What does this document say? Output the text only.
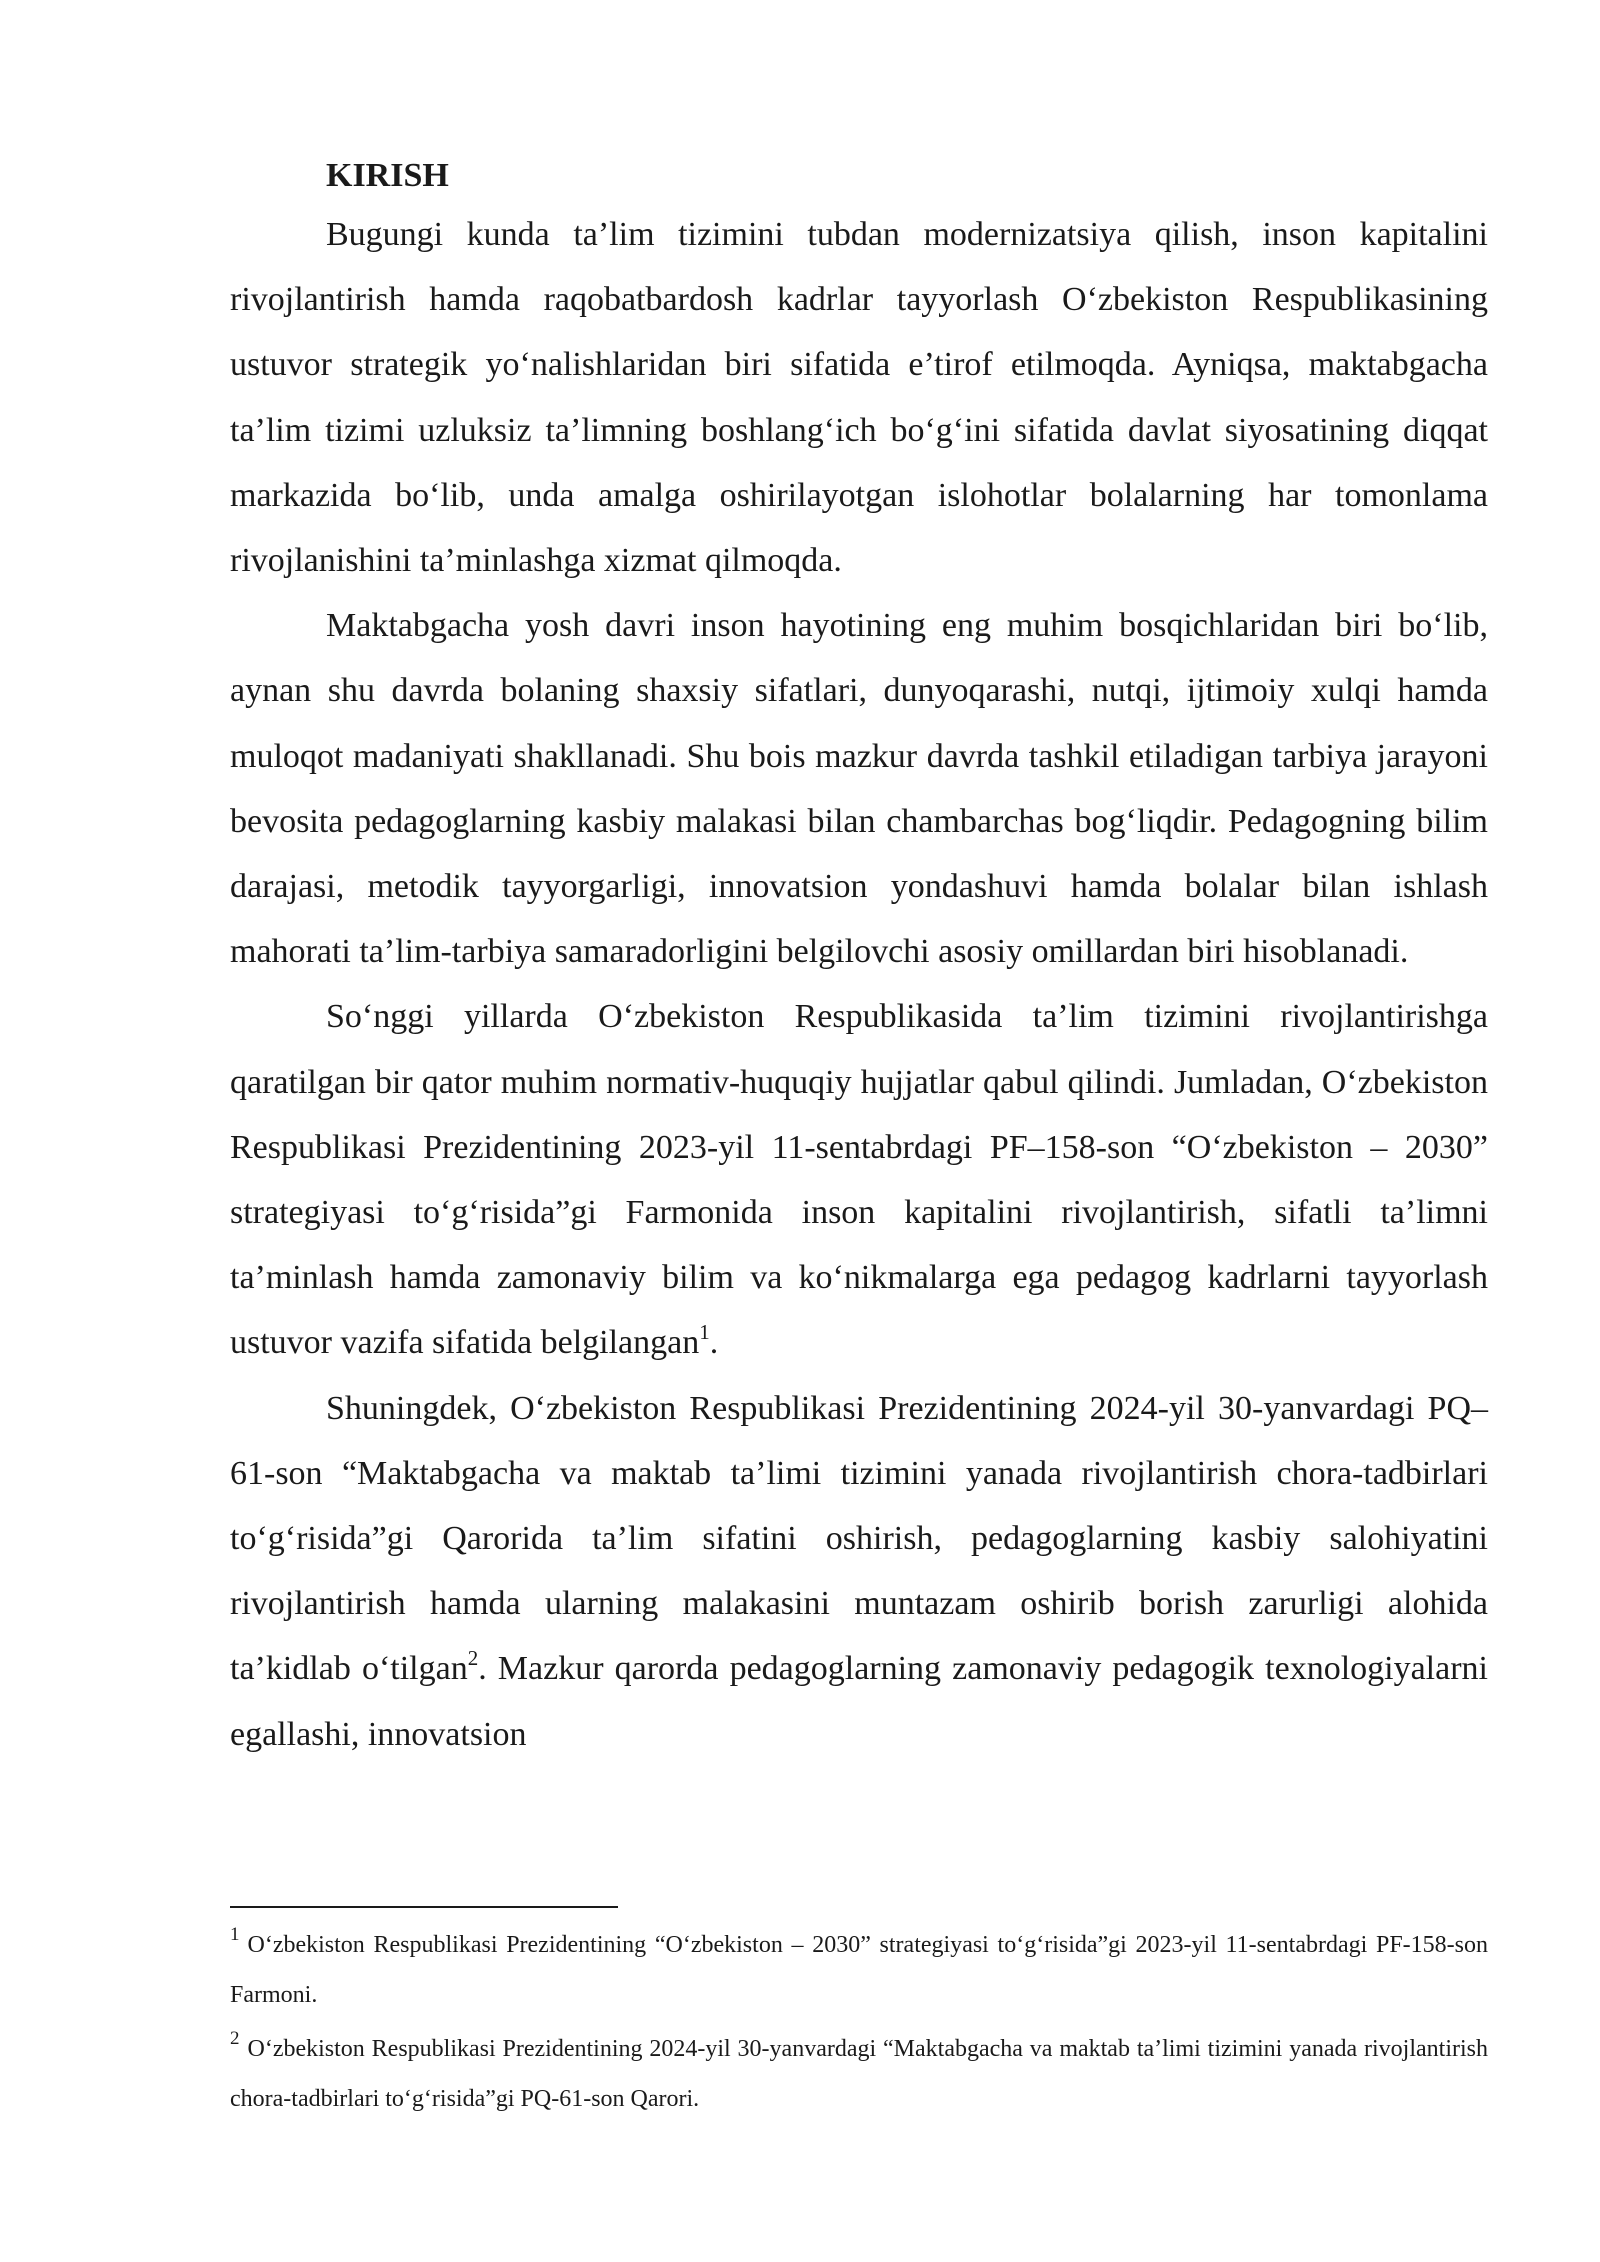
KIRISH

Bugungi kunda ta’lim tizimini tubdan modernizatsiya qilish, inson kapitalini rivojlantirish hamda raqobatbardosh kadrlar tayyorlash O‘zbekiston Respublikasining ustuvor strategik yo‘nalishlaridan biri sifatida e’tirof etilmoqda. Ayniqsa, maktabgacha ta’lim tizimi uzluksiz ta’limning boshlang‘ich bo‘g‘ini sifatida davlat siyosatining diqqat markazida bo‘lib, unda amalga oshirilayotgan islohotlar bolalarning har tomonlama rivojlanishini ta’minlashga xizmat qilmoqda.

Maktabgacha yosh davri inson hayotining eng muhim bosqichlaridan biri bo‘lib, aynan shu davrda bolaning shaxsiy sifatlari, dunyoqarashi, nutqi, ijtimoiy xulqi hamda muloqot madaniyati shakllanadi. Shu bois mazkur davrda tashkil etiladigan tarbiya jarayoni bevosita pedagoglarning kasbiy malakasi bilan chambarchas bog‘liqdir. Pedagogning bilim darajasi, metodik tayyorgarligi, innovatsion yondashuvi hamda bolalar bilan ishlash mahorati ta’lim-tarbiya samaradorligini belgilovchi asosiy omillardan biri hisoblanadi.

So‘nggi yillarda O‘zbekiston Respublikasida ta’lim tizimini rivojlantirishga qaratilgan bir qator muhim normativ-huquqiy hujjatlar qabul qilindi. Jumladan, O‘zbekiston Respublikasi Prezidentining 2023-yil 11-sentabrdagi PF–158-son “O‘zbekiston – 2030” strategiyasi to‘g‘risida”gi Farmonida inson kapitalini rivojlantirish, sifatli ta’limni ta’minlash hamda zamonaviy bilim va ko‘nikmalarga ega pedagog kadrlarni tayyorlash ustuvor vazifa sifatida belgilangan$^1$.

Shuningdek, O‘zbekiston Respublikasi Prezidentining 2024-yil 30-yanvardagi PQ–61-son “Maktabgacha va maktab ta’limi tizimini yanada rivojlantirish chora-tadbirlari to‘g‘risida”gi Qarorida ta’lim sifatini oshirish, pedagoglarning kasbiy salohiyatini rivojlantirish hamda ularning malakasini muntazam oshirib borish zarurligi alohida ta’kidlab o‘tilgan$^2$. Mazkur qarorda pedagoglarning zamonaviy pedagogik texnologiyalarni egallashi, innovatsion

$^1$ O‘zbekiston Respublikasi Prezidentining “O‘zbekiston – 2030” strategiyasi to‘g‘risida”gi 2023-yil 11-sentabrdagi PF-158-son Farmoni.

$^2$ O‘zbekiston Respublikasi Prezidentining 2024-yil 30-yanvardagi “Maktabgacha va maktab ta’limi tizimini yanada rivojlantirish chora-tadbirlari to‘g‘risida”gi PQ-61-son Qarori.
